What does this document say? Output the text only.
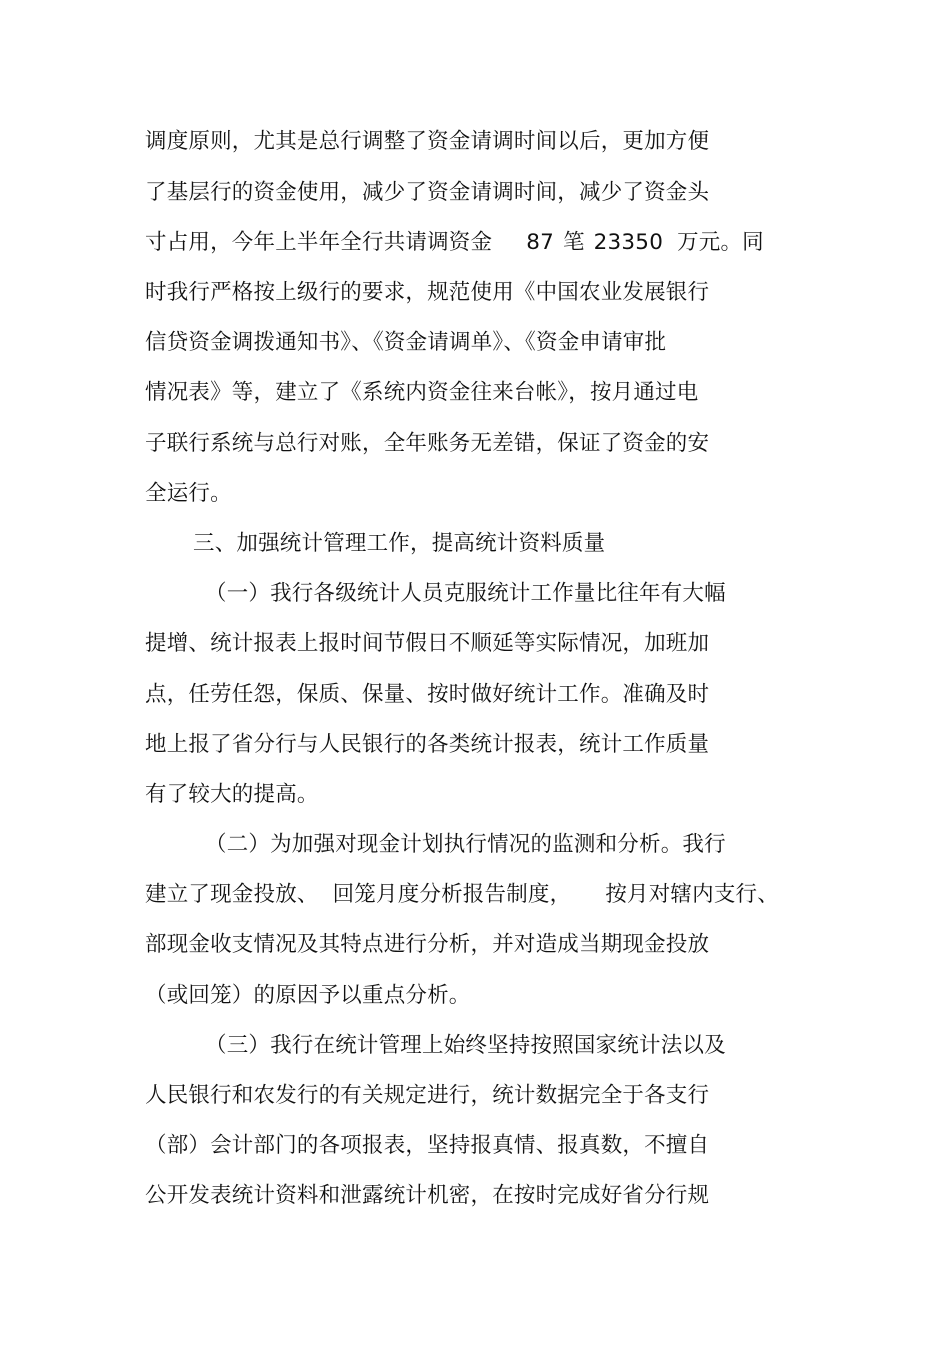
调度原则，尤其是总行调整了资金请调时间以后，更加方便
了基层行的资金使用，减少了资金请调时间，减少了资金头
寸占用，今年上半年全行共请调资金 87 笔 23350 万元。同
时我行严格按上级行的要求，规范使用《中国农业发展银行
信贷资金调拨通知书》、《资金请调单》、《资金申请审批
情况表》等，建立了《系统内资金往来台帐》，按月通过电
子联行系统与总行对账，全年账务无差错，保证了资金的安
全运行。
三、加强统计管理工作，提高统计资料质量
（一）我行各级统计人员克服统计工作量比往年有大幅
提增、统计报表上报时间节假日不顺延等实际情况，加班加
点，任劳任怨，保质、保量、按时做好统计工作。准确及时
地上报了省分行与人民银行的各类统计报表，统计工作质量
有了较大的提高。
（二）为加强对现金计划执行情况的监测和分析。我行
建立了现金投放、 回笼月度分析报告制度， 按月对辖内支行、
部现金收支情况及其特点进行分析，并对造成当期现金投放
（或回笼）的原因予以重点分析。
（三）我行在统计管理上始终坚持按照国家统计法以及
人民银行和农发行的有关规定进行，统计数据完全于各支行
（部）会计部门的各项报表，坚持报真情、报真数，不擅自
公开发表统计资料和泄露统计机密，在按时完成好省分行规
